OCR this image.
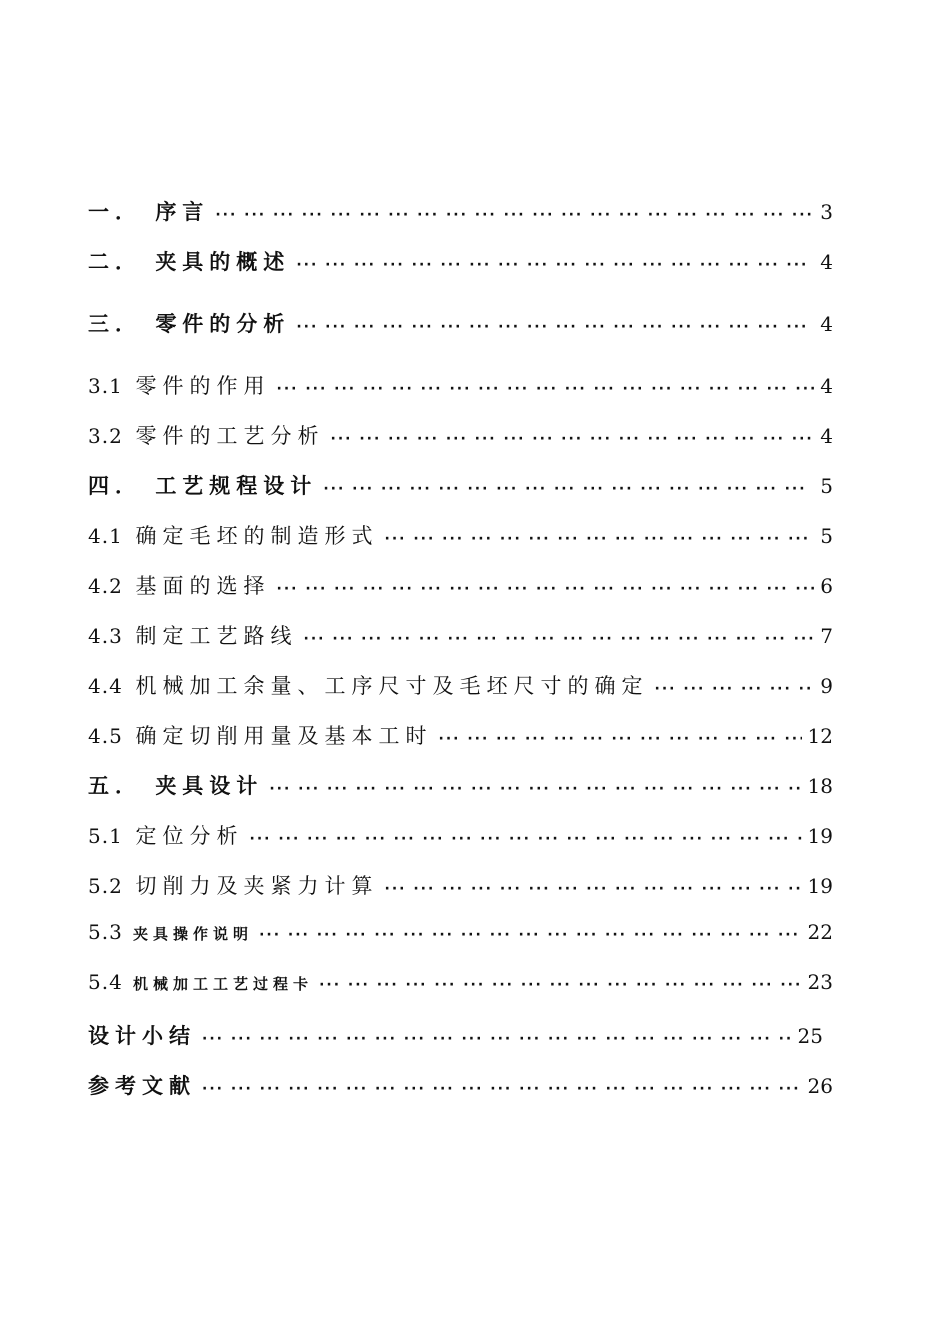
一． 序言 ··· ·	3
二． 夹具的概述 ··· ·	4
三． 零件的分析 ··· ·	4
3.1 零件的作用 ··· ·	4
3.2 零件的工艺分析 ··· ·	4
四． 工艺规程设计 ··· ·	5
4.1 确定毛坯的制造形式 ··· ·	5
4.2 基面的选择 ··· ·	6
4.3 制定工艺路线 ··· ·	7
4.4 机械加工余量、工序尺寸及毛坯尺寸的确定 ··· ·	9
4.5 确定切削用量及基本工时 ··· ·	12
五． 夹具设计 ··· ·	18
5.1 定位分析 ··· ·	19
5.2 切削力及夹紧力计算 ··· ·	19
5.3 夹具操作说明 ··· ·	22
5.4 机械加工工艺过程卡 ··· ·	23
设计小结 ··· ·	25
参考文献 ··· ·	26
